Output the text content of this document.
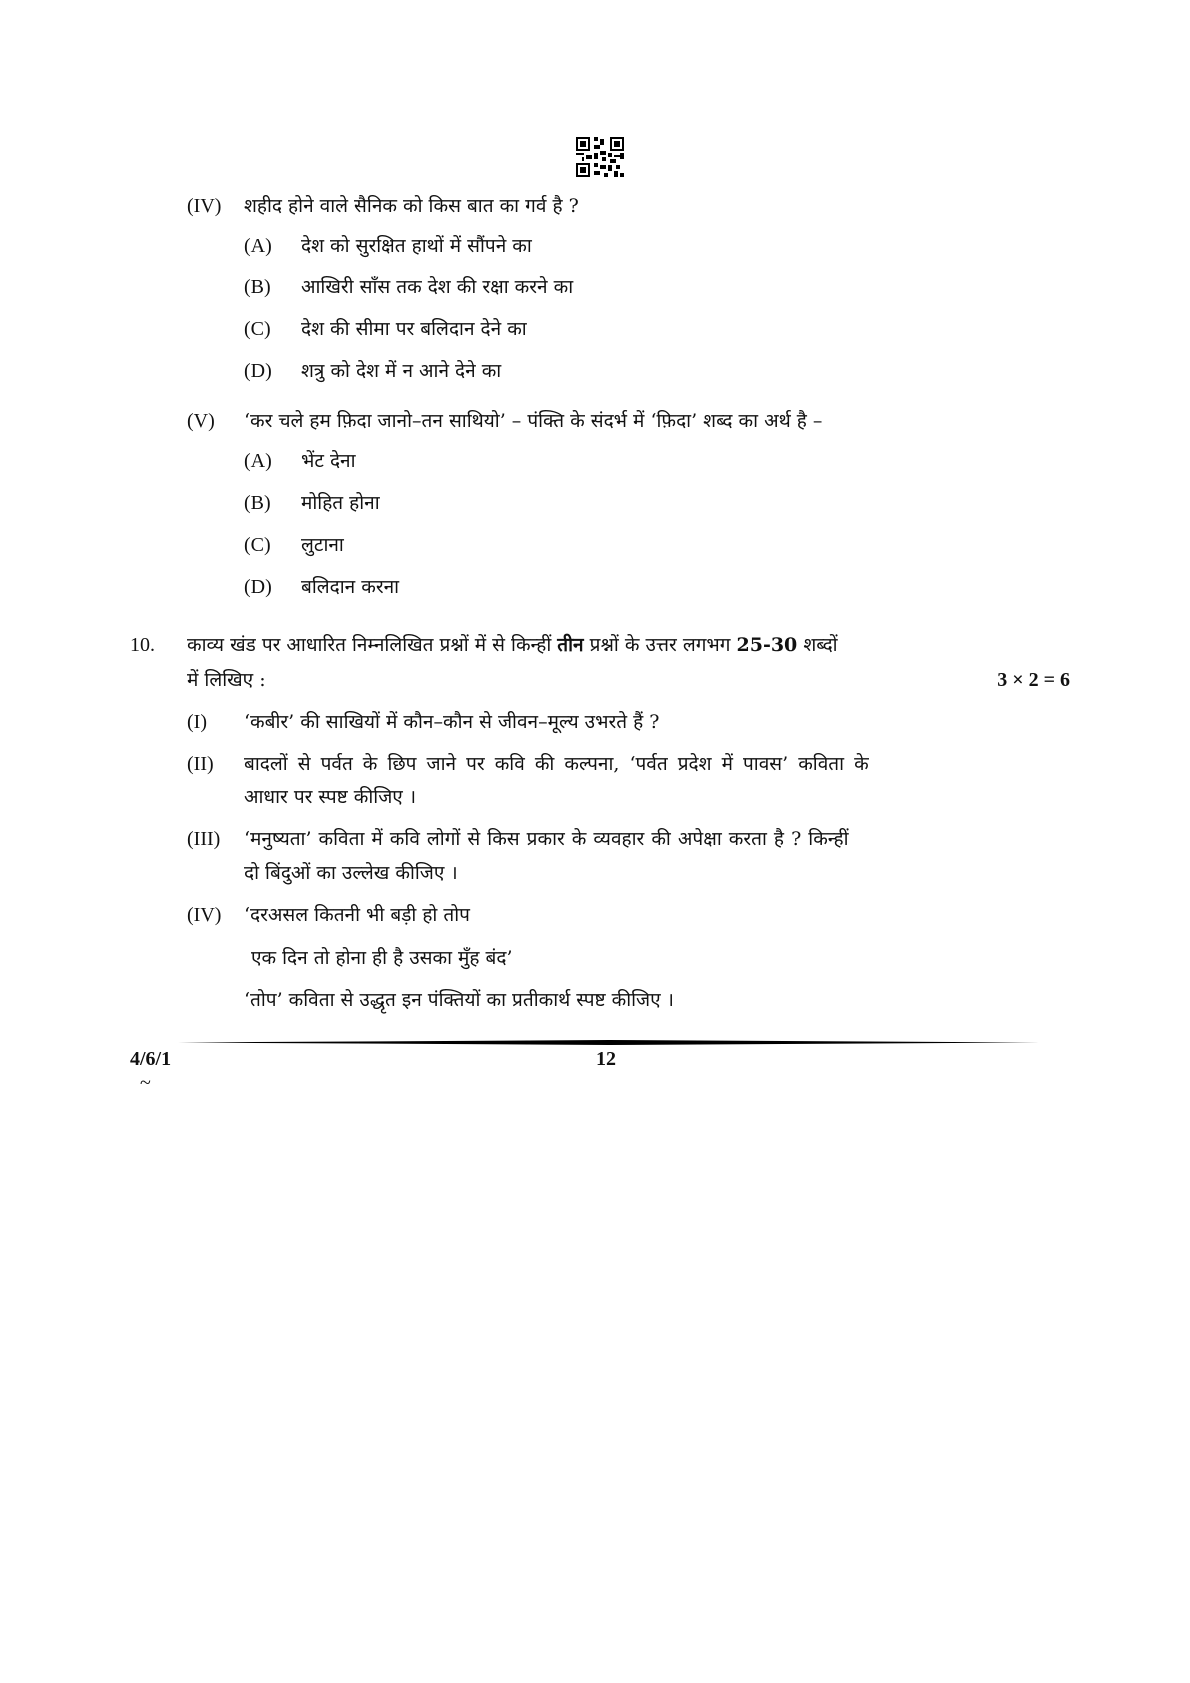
(IV) शहीद होने वाले सैनिक को किस बात का गर्व है ?
(A) देश को सुरक्षित हाथों में सौंपने का
(B) आखिरी साँस तक देश की रक्षा करने का
(C) देश की सीमा पर बलिदान देने का
(D) शत्रु को देश में न आने देने का
(V) ‘कर चले हम फ़िदा जानो–तन साथियो’ – पंक्ति के संदर्भ में ‘फ़िदा’ शब्द का अर्थ है –
(A) भेंट देना
(B) मोहित होना
(C) लुटाना
(D) बलिदान करना
10. काव्य खंड पर आधारित निम्नलिखित प्रश्नों में से किन्हीं तीन प्रश्नों के उत्तर लगभग 25-30 शब्दों
में लिखिए :	3 × 2 = 6
(I) ‘कबीर’ की साखियों में कौन–कौन से जीवन–मूल्य उभरते हैं ?
(II) बादलों से पर्वत के छिप जाने पर कवि की कल्पना, ‘पर्वत प्रदेश में पावस’ कविता के
आधार पर स्पष्ट कीजिए ।
(III) ‘मनुष्यता’ कविता में कवि लोगों से किस प्रकार के व्यवहार की अपेक्षा करता है ? किन्हीं
दो बिंदुओं का उल्लेख कीजिए ।
(IV) ‘दरअसल कितनी भी बड़ी हो तोप
एक दिन तो होना ही है उसका मुँह बंद’
‘तोप’ कविता से उद्धृत इन पंक्तियों का प्रतीकार्थ स्पष्ट कीजिए ।
4/6/1	12
~
